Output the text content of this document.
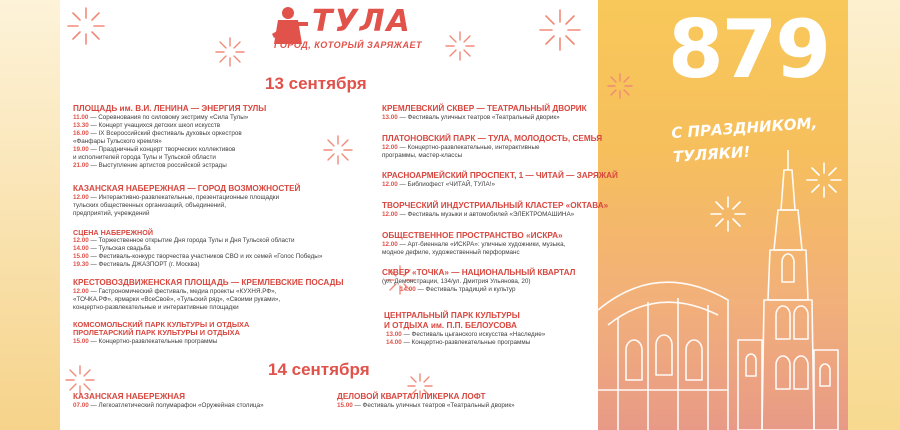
ТУЛА
ГОРОД, КОТОРЫЙ ЗАРЯЖАЕТ
13 сентября
14 сентября
ПЛОЩАДЬ им. В.И. ЛЕНИНА — ЭНЕРГИЯ ТУЛЫ
11.00 — Соревнования по силовому экстриму «Сила Тулы»
13.30 — Концерт учащихся детских школ искусств
16.00 — IX Всероссийский фестиваль духовых оркестров
«Фанфары Тульского кремля»
19.00 — Праздничный концерт творческих коллективов
и исполнителей города Тулы и Тульской области
21.00 — Выступление артистов российской эстрады
КАЗАНСКАЯ НАБЕРЕЖНАЯ — ГОРОД ВОЗМОЖНОСТЕЙ
12.00 — Интерактивно-развлекательные, презентационные площадки
тульских общественных организаций, объединений,
предприятий, учреждений
СЦЕНА НАБЕРЕЖНОЙ
12.00 — Торжественное открытие Дня города Тулы и Дня Тульской области
14.00 — Тульская свадьба
15.00 — Фестиваль-конкурс творчества участников СВО и их семей «Голос Победы»
19.30 — Фестиваль ДЖАЗПОРТ (г. Москва)
КРЕСТОВОЗДВИЖЕНСКАЯ ПЛОЩАДЬ — КРЕМЛЕВСКИЕ ПОСАДЫ
12.00 — Гастрономический фестиваль, медиа проекты «КУХНЯ.РФ»,
«ТОЧКА.РФ», ярмарки «ВсеСвоё», «Тульский ряд», «Своими руками»,
концертно-развлекательные и интерактивные площадки
КОМСОМОЛЬСКИЙ ПАРК КУЛЬТУРЫ И ОТДЫХА
ПРОЛЕТАРСКИЙ ПАРК КУЛЬТУРЫ И ОТДЫХА
15.00 — Концертно-развлекательные программы
КРЕМЛЕВСКИЙ СКВЕР — ТЕАТРАЛЬНЫЙ ДВОРИК
13.00 — Фестиваль уличных театров «Театральный дворик»
ПЛАТОНОВСКИЙ ПАРК — ТУЛА, МОЛОДОСТЬ, СЕМЬЯ
12.00 — Концертно-развлекательные, интерактивные
программы, мастер-классы
КРАСНОАРМЕЙСКИЙ ПРОСПЕКТ, 1 — ЧИТАЙ — ЗАРЯЖАЙ
12.00 — Библиофест «ЧИТАЙ, ТУЛА!»
ТВОРЧЕСКИЙ ИНДУСТРИАЛЬНЫЙ КЛАСТЕР «ОКТАВА»
12.00 — Фестиваль музыки и автомобилей «ЭЛЕКТРОМАШИНА»
ОБЩЕСТВЕННОЕ ПРОСТРАНСТВО «ИСКРА»
12.00 — Арт-биеннале «ИСКРА»: уличные художники, музыка,
модное дефиле, художественный перформанс
СКВЕР «ТОЧКА» — НАЦИОНАЛЬНЫЙ КВАРТАЛ
(ул. Демонстрации, 134/ул. Дмитрия Ульянова, 20)
14.00 — Фестиваль традиций и культур
ЦЕНТРАЛЬНЫЙ ПАРК КУЛЬТУРЫ
И ОТДЫХА им. П.П. БЕЛОУСОВА
13.00 — Фестиваль цыганского искусства «Наследие»
14.00 — Концертно-развлекательные программы
КАЗАНСКАЯ НАБЕРЕЖНАЯ
07.00 — Легкоатлетический полумарафон «Оружейная столица»
ДЕЛОВОЙ КВАРТАЛ ЛИКЕРКА ЛОФТ
15.00 — Фестиваль уличных театров «Театральный дворик»
879
С ПРАЗДНИКОМ,
ТУЛЯКИ!
